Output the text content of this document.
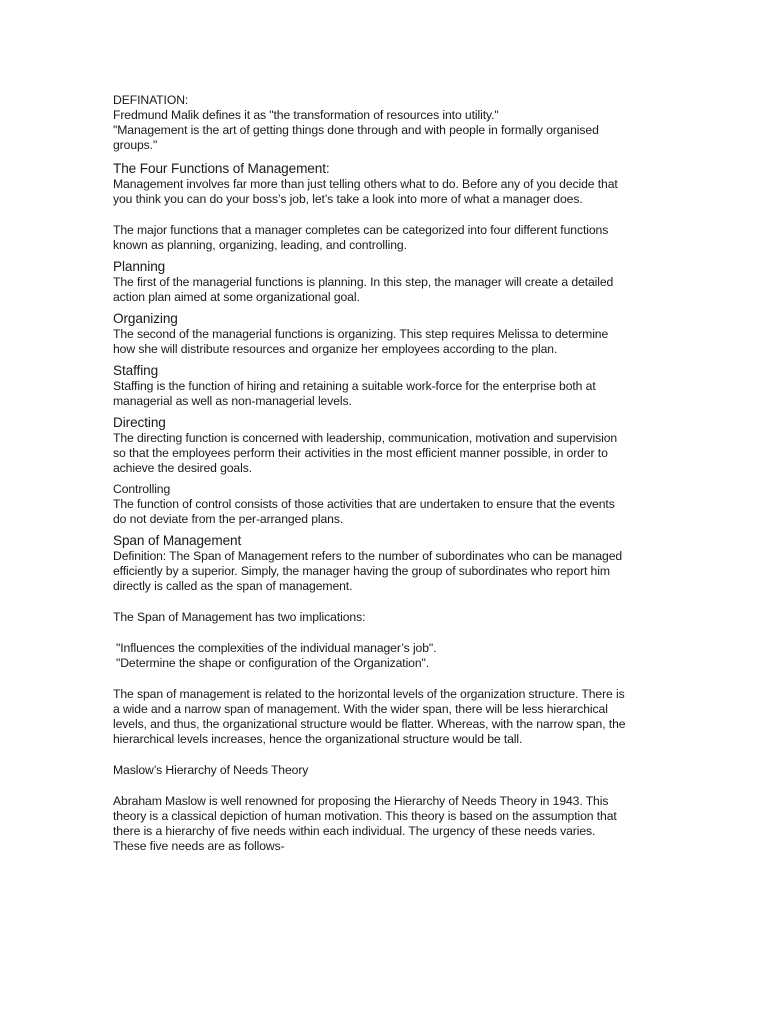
DEFINATION:
Fredmund Malik defines it as "the transformation of resources into utility."
"Management is the art of getting things done through and with people in formally organised
groups."
The Four Functions of Management:
Management involves far more than just telling others what to do. Before any of you decide that
you think you can do your boss’s job, let’s take a look into more of what a manager does.
The major functions that a manager completes can be categorized into four different functions
known as planning, organizing, leading, and controlling.
Planning
The first of the managerial functions is planning. In this step, the manager will create a detailed
action plan aimed at some organizational goal.
Organizing
The second of the managerial functions is organizing. This step requires Melissa to determine
how she will distribute resources and organize her employees according to the plan.
Staffing
Staffing is the function of hiring and retaining a suitable work-force for the enterprise both at
managerial as well as non-managerial levels.
Directing
The directing function is concerned with leadership, communication, motivation and supervision
so that the employees perform their activities in the most efficient manner possible, in order to
achieve the desired goals.
Controlling
The function of control consists of those activities that are undertaken to ensure that the events
do not deviate from the per-arranged plans.
Span of Management
Definition: The Span of Management refers to the number of subordinates who can be managed
efficiently by a superior. Simply, the manager having the group of subordinates who report him
directly is called as the span of management.
The Span of Management has two implications:
"Influences the complexities of the individual manager’s job".
"Determine the shape or configuration of the Organization".
The span of management is related to the horizontal levels of the organization structure. There is
a wide and a narrow span of management. With the wider span, there will be less hierarchical
levels, and thus, the organizational structure would be flatter. Whereas, with the narrow span, the
hierarchical levels increases, hence the organizational structure would be tall.
Maslow’s Hierarchy of Needs Theory
Abraham Maslow is well renowned for proposing the Hierarchy of Needs Theory in 1943. This
theory is a classical depiction of human motivation. This theory is based on the assumption that
there is a hierarchy of five needs within each individual. The urgency of these needs varies.
These five needs are as follows-
